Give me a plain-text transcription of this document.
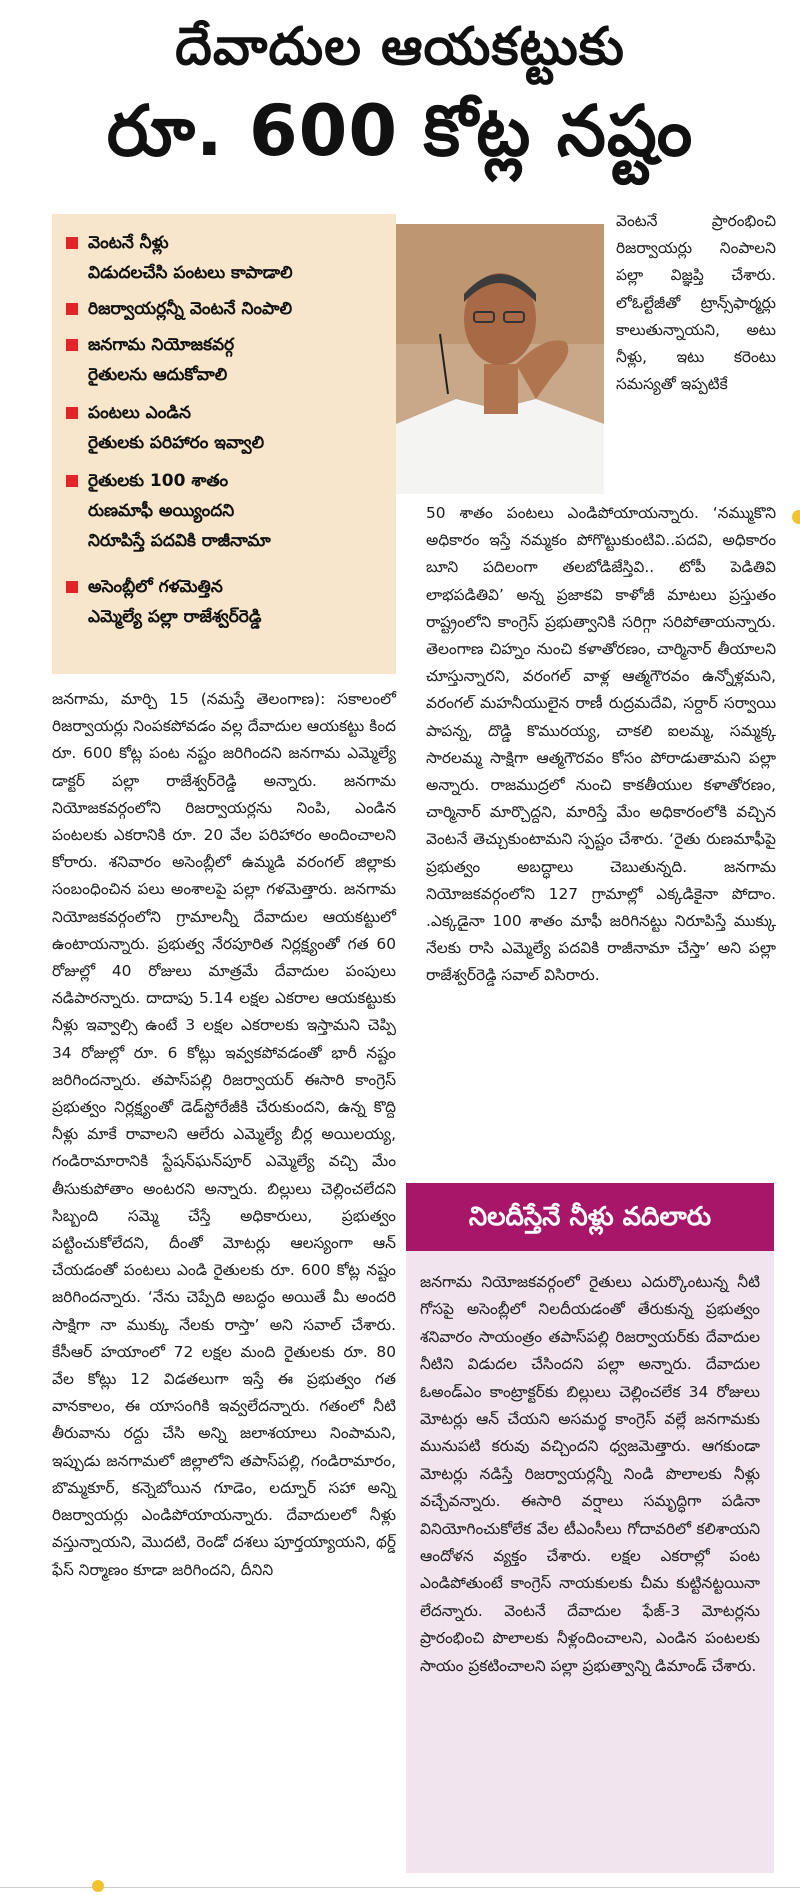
దేవాదుల ఆయకట్టుకు
రూ. 600 కోట్ల నష్టం
వెంటనే నీళ్లు
విడుదలచేసి పంటలు కాపాడాలి
రిజర్వాయర్లన్నీ వెంటనే నింపాలి
జనగామ నియోజకవర్గ
రైతులను ఆదుకోవాలి
పంటలు ఎండిన
రైతులకు పరిహారం ఇవ్వాలి
రైతులకు 100 శాతం
రుణమాఫీ అయ్యిందని
నిరూపిస్తే పదవికి రాజీనామా
అసెంబ్లీలో గళమెత్తిన
ఎమ్మెల్యే పల్లా రాజేశ్వర్‌రెడ్డి

వెంటనే ప్రారంభించి రిజర్వాయర్లు నింపాలని పల్లా విజ్ఞప్తి చేశారు. లోఓల్టేజీతో ట్రాన్స్‌ఫార్మర్లు కాలుతున్నాయని, అటు నీళ్లు, ఇటు కరెంటు సమస్యతో ఇప్పటికే

50 శాతం పంటలు ఎండిపోయాయన్నారు. ‘నమ్ముకొని అధికారం ఇస్తే నమ్మకం పోగొట్టుకుంటివి..పదవి, అధికారం బూని పదిలంగా తలబోడిజేస్తివి.. టోపీ పెడితివి లాభపడితివి’ అన్న ప్రజాకవి కాళోజీ మాటలు ప్రస్తుతం రాష్ట్రంలోని కాంగ్రెస్ ప్రభుత్వానికి సరిగ్గా సరిపోతాయన్నారు. తెలంగాణ చిహ్నం నుంచి కళాతోరణం, చార్మినార్ తీయాలని చూస్తున్నారని, వరంగల్ వాళ్ల ఆత్మగౌరవం ఉన్నోళ్లమని, వరంగల్ మహనీయులైన రాణీ రుద్రమదేవి, సర్దార్ సర్వాయి పాపన్న, దొడ్డి కొమురయ్య, చాకలి ఐలమ్మ, సమ్మక్క సారలమ్మ సాక్షిగా ఆత్మగౌరవం కోసం పోరాడుతామని పల్లా అన్నారు. రాజముద్రలో నుంచి కాకతీయుల కళాతోరణం, చార్మినార్ మార్చొద్దని, మారిస్తే మేం అధికారంలోకి వచ్చిన వెంటనే తెచ్చుకుంటామని స్పష్టం చేశారు. ‘రైతు రుణమాఫీపై ప్రభుత్వం అబద్ధాలు చెబుతున్నది. జనగామ నియోజకవర్గంలోని 127 గ్రామాల్లో ఎక్కడికైనా పోదాం. .ఎక్కడైనా 100 శాతం మాఫీ జరిగినట్టు నిరూపిస్తే ముక్కు నేలకు రాసి ఎమ్మెల్యే పదవికి రాజీనామా చేస్తా’ అని పల్లా రాజేశ్వర్‌రెడ్డి సవాల్ విసిరారు.

జనగామ, మార్చి 15 (నమస్తే తెలంగాణ): సకాలంలో రిజర్వాయర్లు నింపకపోవడం వల్ల దేవాదుల ఆయకట్టు కింద రూ. 600 కోట్ల పంట నష్టం జరిగిందని జనగామ ఎమ్మెల్యే డాక్టర్ పల్లా రాజేశ్వర్‌రెడ్డి అన్నారు. జనగామ నియోజకవర్గంలోని రిజర్వాయర్లను నింపి, ఎండిన పంటలకు ఎకరానికి రూ. 20 వేల పరిహారం అందించాలని కోరారు. శనివారం అసెంబ్లీలో ఉమ్మడి వరంగల్ జిల్లాకు సంబంధించిన పలు అంశాలపై పల్లా గళమెత్తారు. జనగామ నియోజకవర్గంలోని గ్రామాలన్నీ దేవాదుల ఆయకట్టులో ఉంటాయన్నారు. ప్రభుత్వ నేరపూరిత నిర్లక్ష్యంతో గత 60 రోజుల్లో 40 రోజులు మాత్రమే దేవాదుల పంపులు నడిపారన్నారు. దాదాపు 5.14 లక్షల ఎకరాల ఆయకట్టుకు నీళ్లు ఇవ్వాల్సి ఉంటే 3 లక్షల ఎకరాలకు ఇస్తామని చెప్పి 34 రోజుల్లో రూ. 6 కోట్లు ఇవ్వకపోవడంతో భారీ నష్టం జరిగిందన్నారు. తపాస్‌పల్లి రిజర్వాయర్ ఈసారి కాంగ్రెస్ ప్రభుత్వం నిర్లక్ష్యంతో డెడ్‌స్టోరేజీకి చేరుకుందని, ఉన్న కొద్ది నీళ్లు మాకే రావాలని ఆలేరు ఎమ్మెల్యే బీర్ల అయిలయ్య, గండిరామారానికి స్టేషన్‌ఘన్‌పూర్ ఎమ్మెల్యే వచ్చి మేం తీసుకుపోతాం అంటరని అన్నారు. బిల్లులు చెల్లించలేదని సిబ్బంది సమ్మె చేస్తే అధికారులు, ప్రభుత్వం పట్టించుకోలేదని, దీంతో మోటర్లు ఆలస్యంగా ఆన్ చేయడంతో పంటలు ఎండి రైతులకు రూ. 600 కోట్ల నష్టం జరిగిందన్నారు. ‘నేను చెప్పేది అబద్ధం అయితే మీ అందరి సాక్షిగా నా ముక్కు నేలకు రాస్తా’ అని సవాల్ చేశారు. కేసీఆర్ హయాంలో 72 లక్షల మంది రైతులకు రూ. 80 వేల కోట్లు 12 విడతలుగా ఇస్తే ఈ ప్రభుత్వం గత వానకాలం, ఈ యాసంగికి ఇవ్వలేదన్నారు. గతంలో నీటి తీరువాను రద్దు చేసి అన్ని జలాశయాలు నింపామని, ఇప్పుడు జనగామలో జిల్లాలోని తపాస్‌పల్లి, గండిరామారం, బొమ్మకూర్, కన్నెబోయిన గూడెం, లద్నూర్ సహా అన్ని రిజర్వాయర్లు ఎండిపోయాయన్నారు. దేవాదులలో నీళ్లు వస్తున్నాయని, మొదటి, రెండో దశలు పూర్తయ్యాయని, థర్డ్ ఫేస్ నిర్మాణం కూడా జరిగిందని, దీనిని

నిలదీస్తేనే నీళ్లు వదిలారు
జనగామ నియోజకవర్గంలో రైతులు ఎదుర్కొంటున్న నీటి గోసపై అసెంబ్లీలో నిలదీయడంతో తేరుకున్న ప్రభుత్వం శనివారం సాయంత్రం తపాస్‌పల్లి రిజర్వాయర్‌కు దేవాదుల నీటిని విడుదల చేసిందని పల్లా అన్నారు. దేవాదుల ఓఅండ్‌ఎం కాంట్రాక్టర్‌కు బిల్లులు చెల్లించలేక 34 రోజులు మోటర్లు ఆన్ చేయని అసమర్థ కాంగ్రెస్ వల్లే జనగామకు మునుపటి కరువు వచ్చిందని ధ్వజమెత్తారు. ఆగకుండా మోటర్లు నడిస్తే రిజర్వాయర్లన్నీ నిండి పొలాలకు నీళ్లు వచ్చేవన్నారు. ఈసారి వర్షాలు సమృద్ధిగా పడినా వినియోగించుకోలేక వేల టీఎంసీలు గోదావరిలో కలిశాయని ఆందోళన వ్యక్తం చేశారు. లక్షల ఎకరాల్లో పంట ఎండిపోతుంటే కాంగ్రెస్ నాయకులకు చీమ కుట్టినట్టయినా లేదన్నారు. వెంటనే దేవాదుల ఫేజ్-3 మోటర్లను ప్రారంభించి పొలాలకు నీళ్లందించాలని, ఎండిన పంటలకు సాయం ప్రకటించాలని పల్లా ప్రభుత్వాన్ని డిమాండ్ చేశారు.
